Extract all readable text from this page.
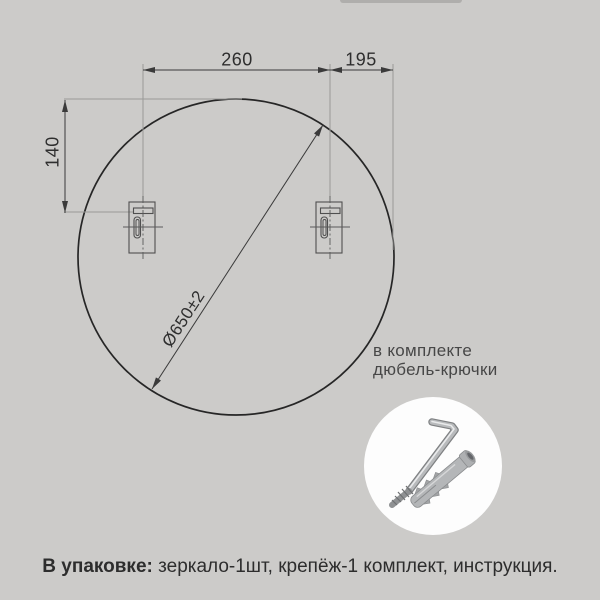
260	195
140
Ø650±2
в комплекте
дюбель-крючки
В упаковке: зеркало-1шт, крепёж-1 комплект, инструкция.
